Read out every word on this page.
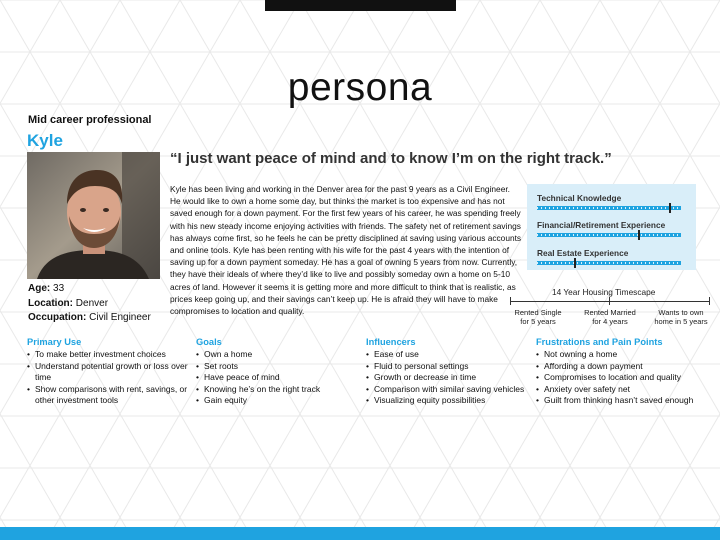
persona
Mid career professional
Kyle
Age: 33
Location: Denver
Occupation: Civil Engineer
“I just want peace of mind and to know I’m on the right track.”
Kyle has been living and working in the Denver area for the past 9 years as a Civil Engineer. He would like to own a home some day, but thinks the market is too expensive and has not saved enough for a down payment. For the first few years of his career, he was spending freely with his new steady income enjoying activities with friends. The safety net of retirement savings has always come first, so he feels he can be pretty disciplined at saving using various accounts and online tools. Kyle has been renting with his wife for the past 4 years with the intention of saving up for a down payment someday. He has a goal of owning 5 years from now. Currently, they have their ideals of where they’d like to live and possibly someday own a home on 5-10 acres of land. However it seems it is getting more and more difficult to think that is realistic, as prices keep going up, and their savings can’t keep up. He is afraid they will have to make compromises to location and quality.
Technical Knowledge
Financial/Retirement Experience
Real Estate Experience
14 Year Housing Timescape
Rented Single for 5 years
Rented Married for 4 years
Wants to own home in 5 years
Primary Use
• To make better investment choices
• Understand potential growth or loss over time
• Show comparisons with rent, savings, or other investment tools
Goals
• Own a home
• Set roots
• Have peace of mind
• Knowing he’s on the right track
• Gain equity
Influencers
• Ease of use
• Fluid to personal settings
• Growth or decrease in time
• Comparison with similar saving vehicles
• Visualizing equity possibilities
Frustrations and Pain Points
• Not owning a home
• Affording a down payment
• Compromises to location and quality
• Anxiety over safety net
• Guilt from thinking hasn’t saved enough
